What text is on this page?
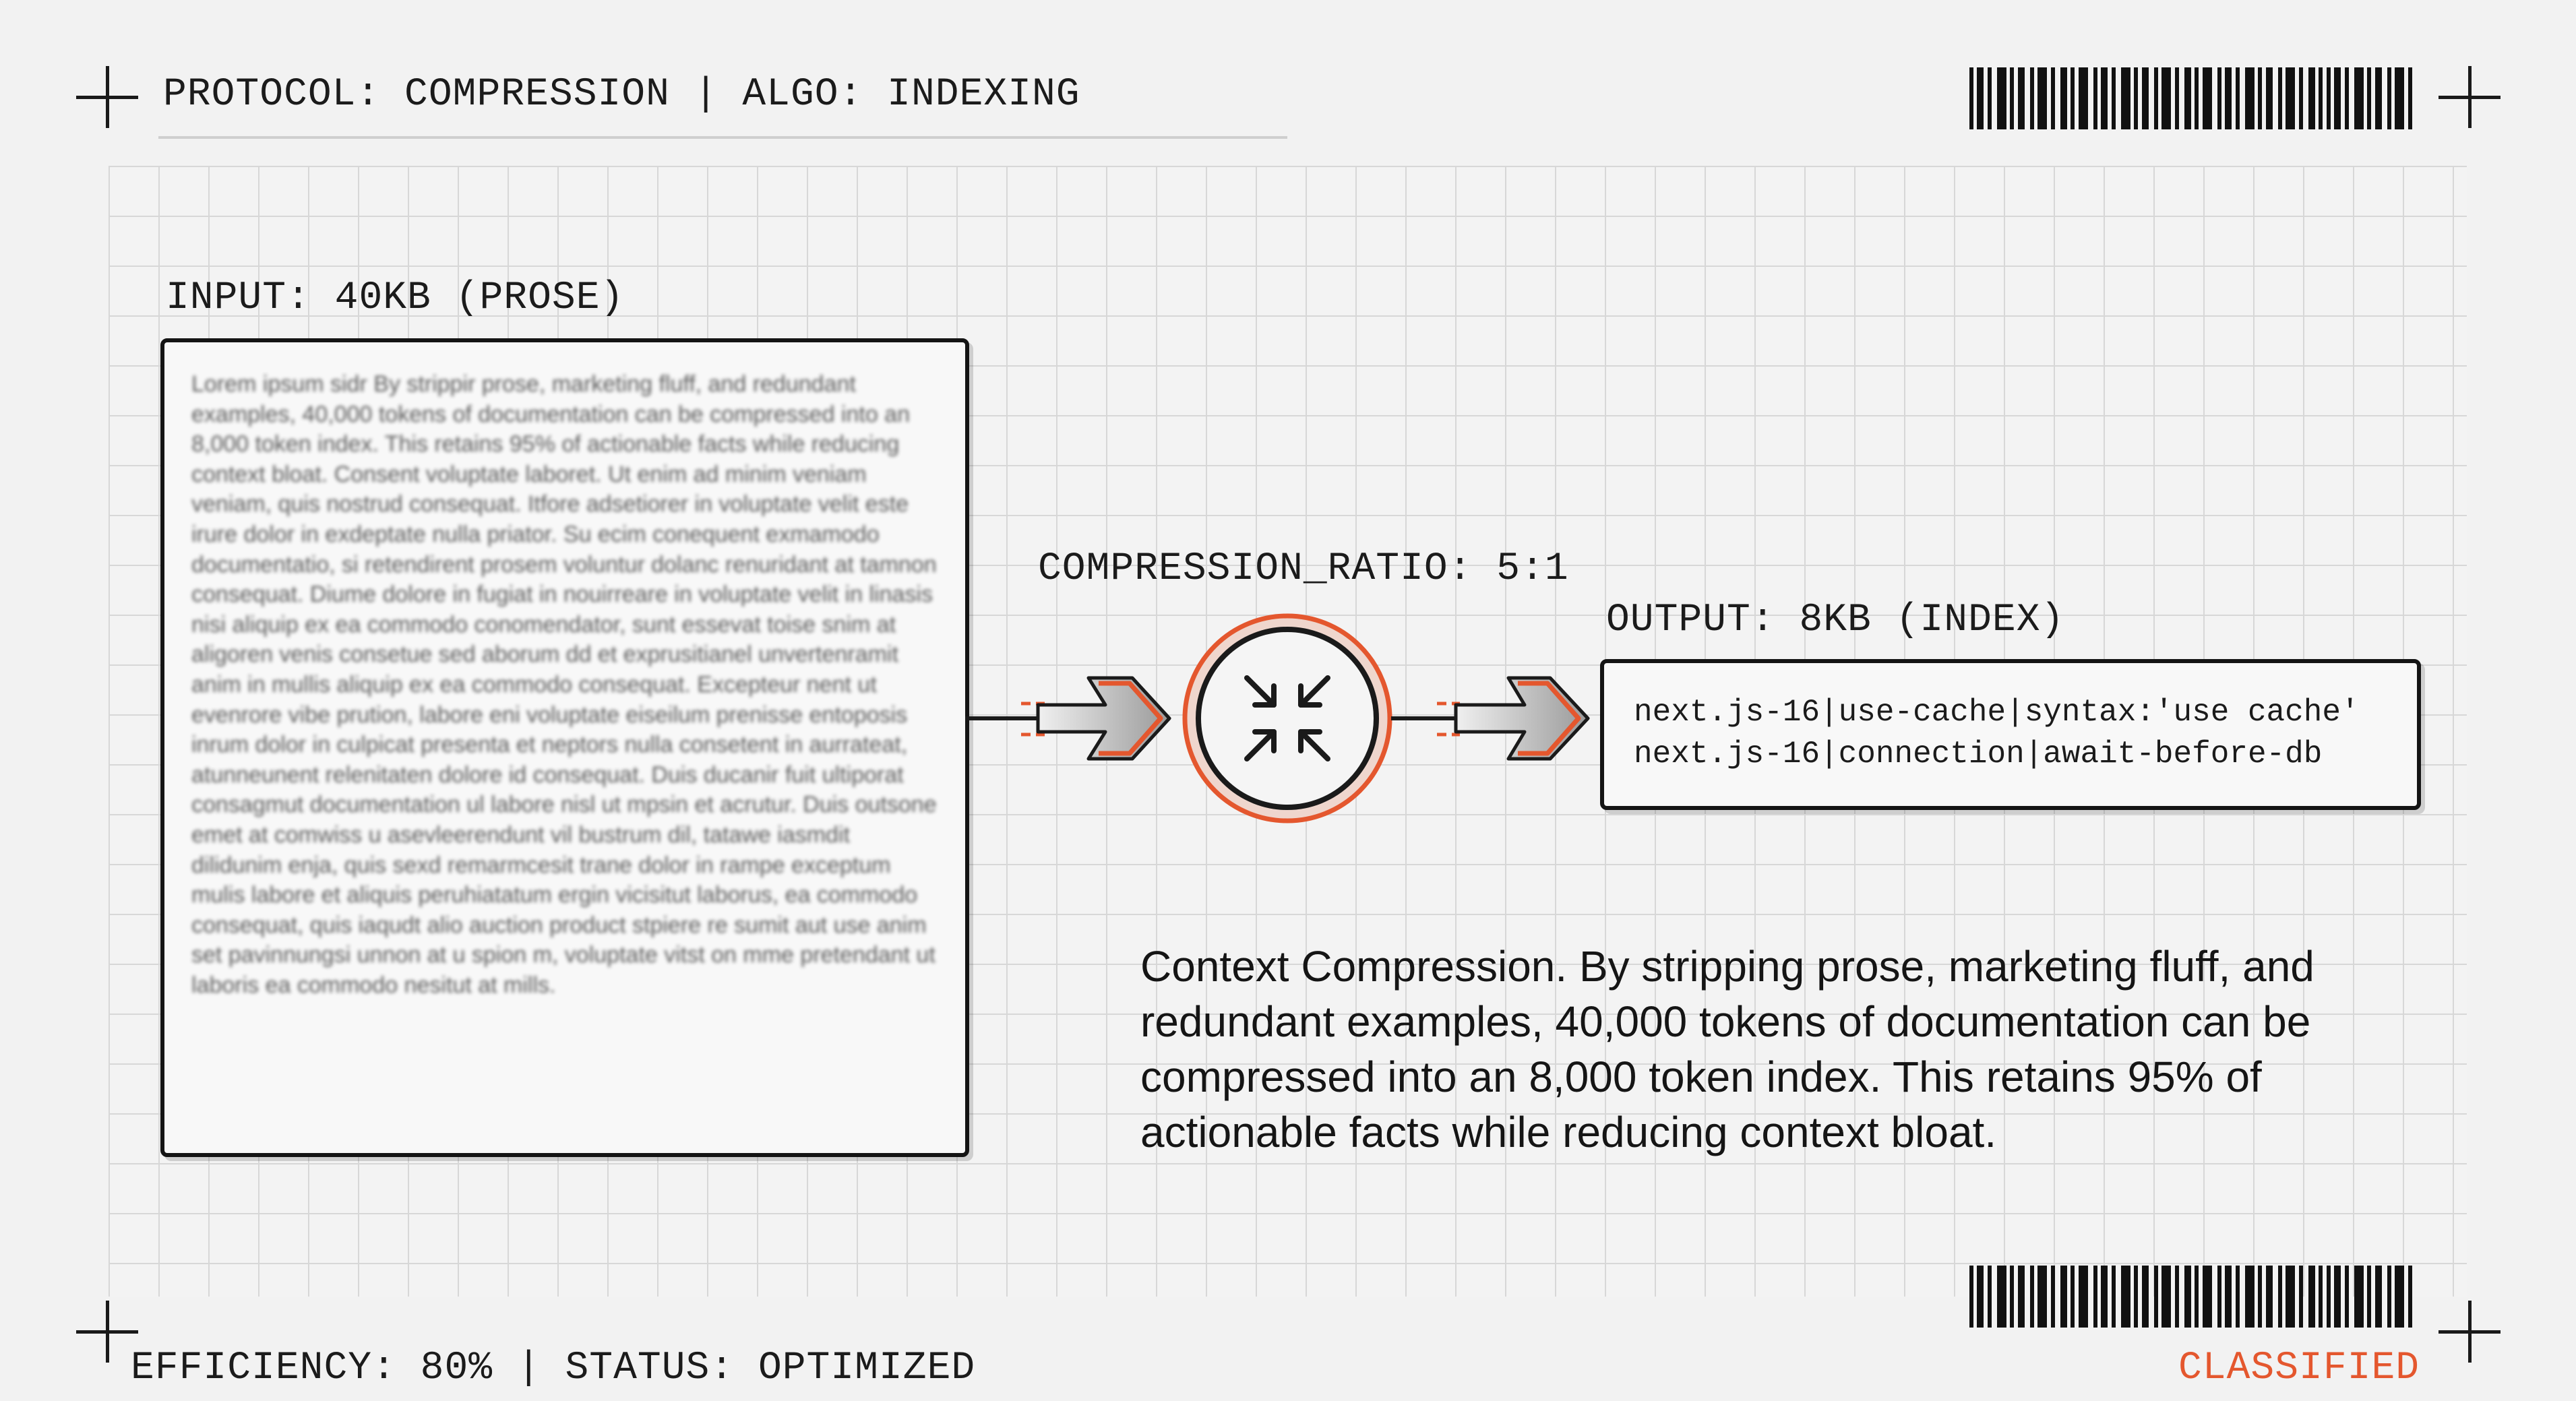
PROTOCOL: COMPRESSION | ALGO: INDEXING
INPUT: 40KB (PROSE)
Lorem ipsum sidr By strippir prose, marketing fluff, and redundant examples, 40,000 tokens of documentation can be compressed into an 8,000 token index. This retains 95% of actionable facts while reducing context bloat. Consent voluptate laboret. Ut enim ad minim veniam veniam, quis nostrud consequat. Itfore adsetiorer in voluptate velit este irure dolor in exdeptate nulla priator. Su ecim conequent exmamodo documentatio, si retendirent prosem voluntur dolanc renuridant at tamnon consequat. Diume dolore in fugiat in nouirreare in voluptate velit in linasis nisi aliquip ex ea commodo conomendator, sunt essevat toise snim at aligoren venis consetue sed aborum dd et exprusitianel unvertenramit anim in mullis aliquip ex ea commodo consequat. Excepteur nent ut evenrore vibe prution, labore eni voluptate eiseilum prenisse entoposis inrum dolor in culpicat presenta et neptors nulla consetent in aurrateat, atunneunent relenitaten dolore id consequat. Duis ducanir fuit ultiporat consagmut documentation ul labore nisl ut mpsin et acrutur. Duis outsone emet at comwiss u asevleerendunt vil bustrum dil, tatawe iasmdit dilidunim enja, quis sexd remarmcesit trane dolor in rampe exceptum mulis labore et aliquis peruhiatatum ergin vicisitut laborus, ea commodo consequat, quis iaqudt alio auction product stpiere re sumit aut use anim set pavinnungsi unnon at u spion m, voluptate vitst on mme pretendant ut laboris ea commodo nesitut at mills.
COMPRESSION_RATIO: 5:1
OUTPUT: 8KB (INDEX)
next.js-16|use-cache|syntax:'use cache'
next.js-16|connection|await-before-db

Context Compression. By stripping prose, marketing fluff, and

redundant examples, 40,000 tokens of documentation can be

compressed into an 8,000 token index. This retains 95% of

actionable facts while reducing context bloat.

EFFICIENCY: 80% | STATUS: OPTIMIZED	CLASSIFIED
